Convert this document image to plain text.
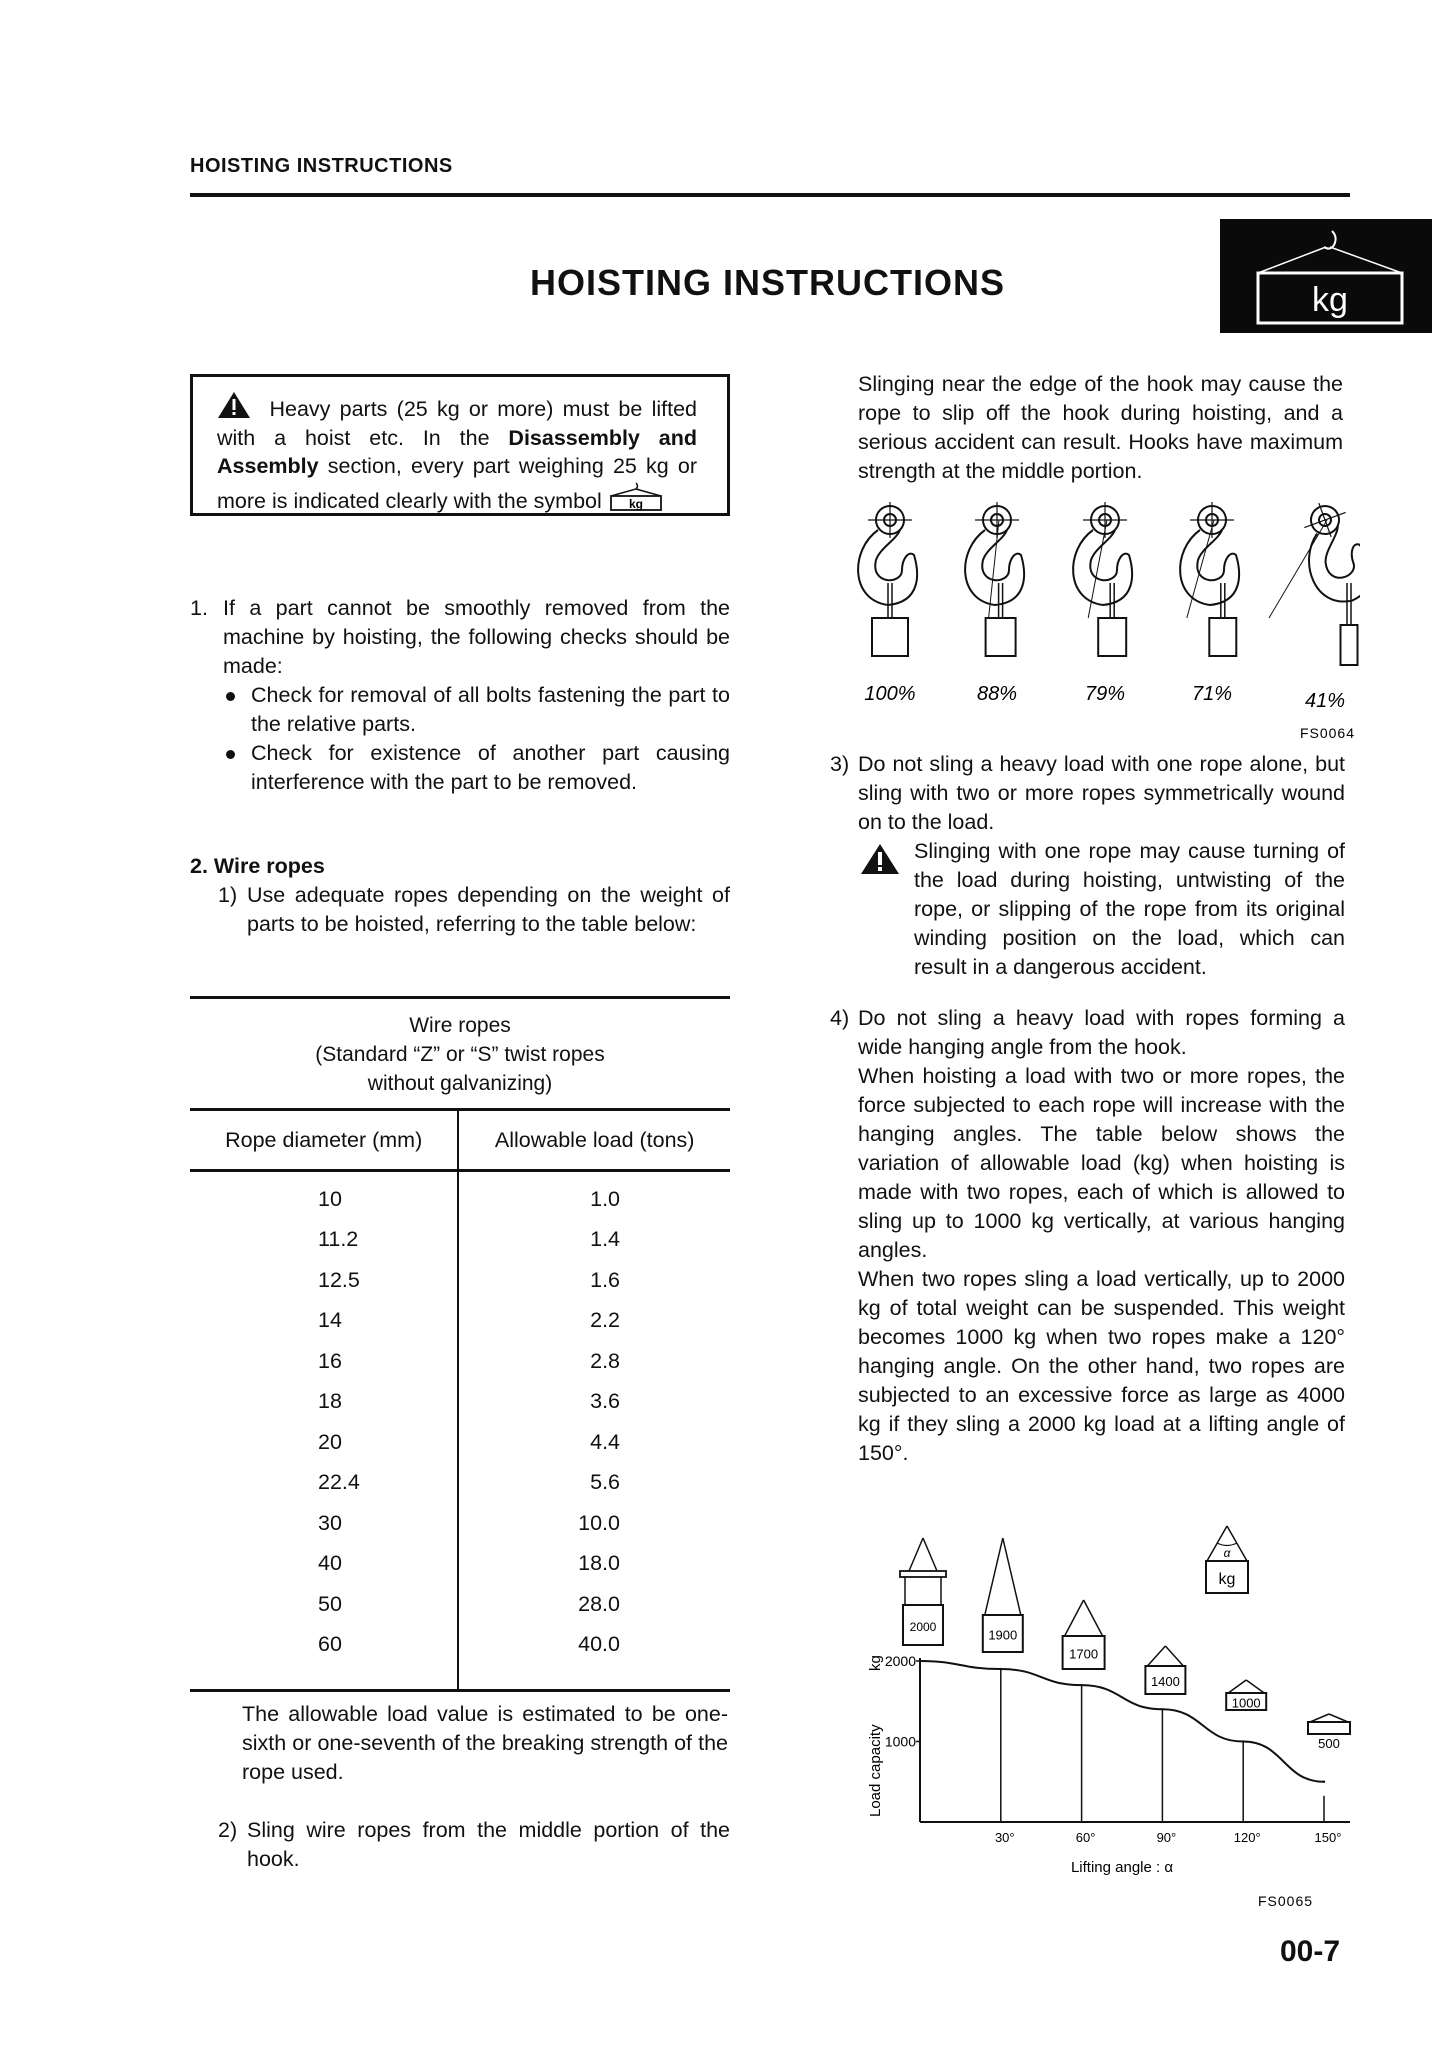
HOISTING INSTRUCTIONS
HOISTING INSTRUCTIONS	kg
Heavy parts (25 kg or more) must be lifted with a hoist etc. In the Disassembly and Assembly section, every part weighing 25 kg or more is indicated clearly with the symbol kg
1. If a part cannot be smoothly removed from the machine by hoisting, the following checks should be made:
Check for removal of all bolts fastening the part to the relative parts.
Check for existence of another part causing interference with the part to be removed.
2. Wire ropes
1) Use adequate ropes depending on the weight of parts to be hoisted, referring to the table below:
Wire ropes
(Standard “Z” or “S” twist ropes
without galvanizing)
Rope diameter (mm)	Allowable load (tons)
10	1.0
11.2	1.4
12.5	1.6
14	2.2
16	2.8
18	3.6
20	4.4
22.4	5.6
30	10.0
40	18.0
50	28.0
60	40.0

The allowable load value is estimated to be one-sixth or one-seventh of the breaking strength of the rope used.
2) Sling wire ropes from the middle portion of the hook.
Slinging near the edge of the hook may cause the rope to slip off the hook during hoisting, and a serious accident can result. Hooks have maximum strength at the middle portion.
100%	88%	79%	71%	41%
FS0064
3) Do not sling a heavy load with one rope alone, but sling with two or more ropes symmetrically wound on to the load.
Slinging with one rope may cause turning of the load during hoisting, untwisting of the rope, or slipping of the rope from its original winding position on the load, which can result in a dangerous accident.
4) Do not sling a heavy load with ropes forming a wide hanging angle from the hook.
When hoisting a load with two or more ropes, the force subjected to each rope will increase with the hanging angles. The table below shows the variation of allowable load (kg) when hoisting is made with two ropes, each of which is allowed to sling up to 1000 kg vertically, at various hanging angles.
When two ropes sling a load vertically, up to 2000 kg of total weight can be suspended. This weight becomes 1000 kg when two ropes make a 120° hanging angle. On the other hand, two ropes are subjected to an excessive force as large as 4000 kg if they sling a 2000 kg load at a lifting angle of 150°.
FS0065
2000
1000
Load capacity
kg
30°	60°	90°	120°	150°
Lifting angle : α
2000
1900
1700
1400
1000
500
α
kg
00-7
